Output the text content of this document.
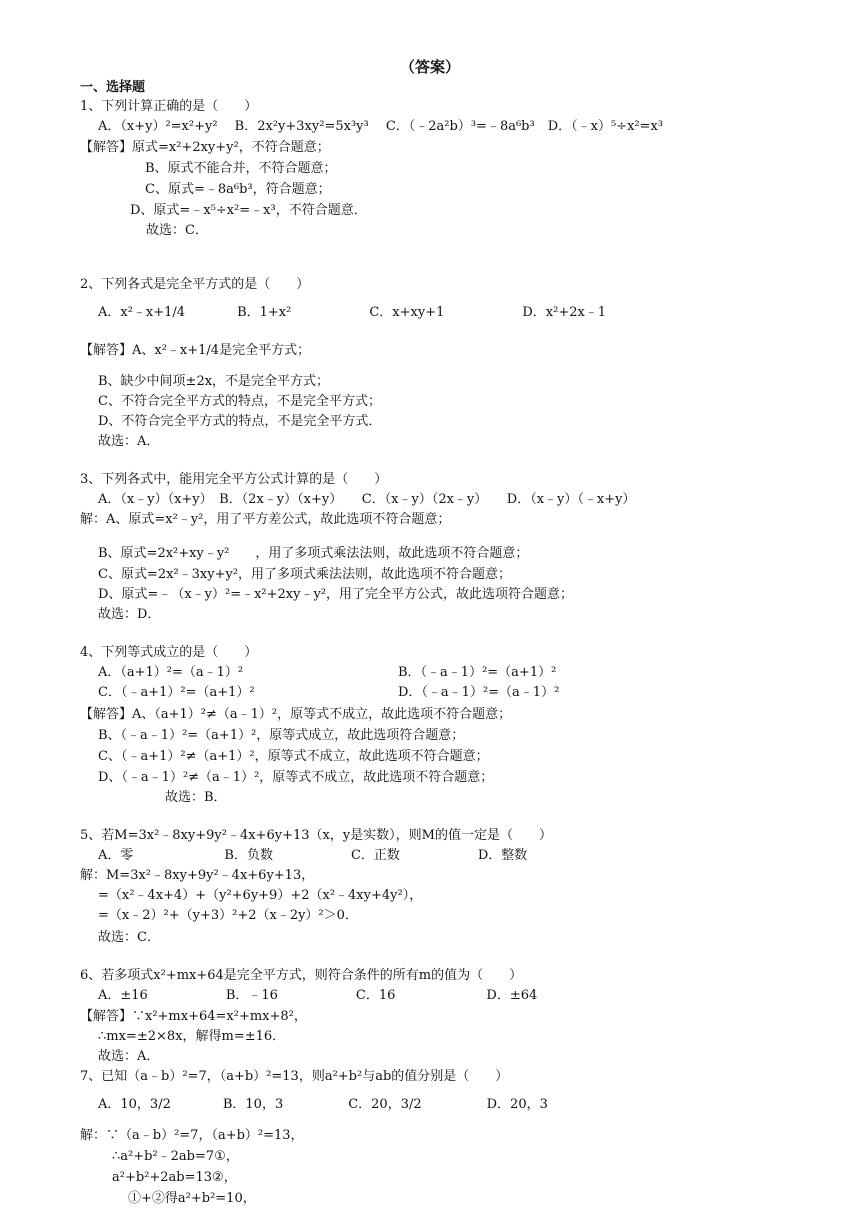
（答案）
一、选择题
1、下列计算正确的是（　　）
A．（x+y）²=x²+y²　 B．2x²y+3xy²=5x³y³　 C．（﹣2a²b）³=﹣8a⁶b³　D．（﹣x）⁵÷x²=x³
【解答】原式=x²+2xy+y²，不符合题意；
B、原式不能合并，不符合题意；
C、原式=﹣8a⁶b³，符合题意；
D、原式=﹣x⁵÷x²=﹣x³，不符合题意．
故选：C．
2、下列各式是完全平方式的是（　　）
A．x²﹣x+1/4　　　　B．1+x²　　　　　　C．x+xy+1　　　　　　D．x²+2x﹣1
【解答】A、x²﹣x+1/4是完全平方式；
B、缺少中间项±2x，不是完全平方式；
C、不符合完全平方式的特点，不是完全平方式；
D、不符合完全平方式的特点，不是完全平方式．
故选：A．
3、下列各式中，能用完全平方公式计算的是（　　）
A．（x﹣y）（x+y）　B．（2x﹣y）（x+y）　　C．（x﹣y）（2x﹣y）　　D．（x﹣y）（﹣x+y）
解：A、原式=x²﹣y²，用了平方差公式，故此选项不符合题意；
B、原式=2x²+xy﹣y²　　，用了多项式乘法法则，故此选项不符合题意；
C、原式=2x²﹣3xy+y²，用了多项式乘法法则，故此选项不符合题意；
D、原式=﹣（x﹣y）²=﹣x²+2xy﹣y²，用了完全平方公式，故此选项符合题意；
故选：D．
4、下列等式成立的是（　　）
A．（a+1）²=（a﹣1）²	B．（﹣a﹣1）²=（a+1）²
C．（﹣a+1）²=（a+1）²	D．（﹣a﹣1）²=（a﹣1）²
【解答】A、（a+1）²≠（a﹣1）²，原等式不成立，故此选项不符合题意；
B、（﹣a﹣1）²=（a+1）²，原等式成立，故此选项符合题意；
C、（﹣a+1）²≠（a+1）²，原等式不成立，故此选项不符合题意；
D、（﹣a﹣1）²≠（a﹣1）²，原等式不成立，故此选项不符合题意；
故选：B．
5、若M=3x²﹣8xy+9y²﹣4x+6y+13（x，y是实数），则M的值一定是（　　）
A．零　　　　　　　B．负数　　　　　　C．正数　　　　　　D．整数
解：M=3x²﹣8xy+9y²﹣4x+6y+13，
=（x²﹣4x+4）+（y²+6y+9）+2（x²﹣4xy+4y²），
=（x﹣2）²+（y+3）²+2（x﹣2y）²＞0．
故选：C．
6、若多项式x²+mx+64是完全平方式，则符合条件的所有m的值为（　　）
A．±16　　　　　　B．﹣16　　　　　　C．16　　　　　　　D．±64
【解答】∵x²+mx+64=x²+mx+8²，
∴mx=±2×8x，解得m=±16．
故选：A．
7、已知（a﹣b）²=7，（a+b）²=13，则a²+b²与ab的值分别是（　　）
A．10，3/2　　　　B．10，3　　　　　C．20，3/2　　　　　D．20，3
解：∵（a﹣b）²=7，（a+b）²=13，
∴a²+b²﹣2ab=7①，
a²+b²+2ab=13②，
①+②得a²+b²=10，
